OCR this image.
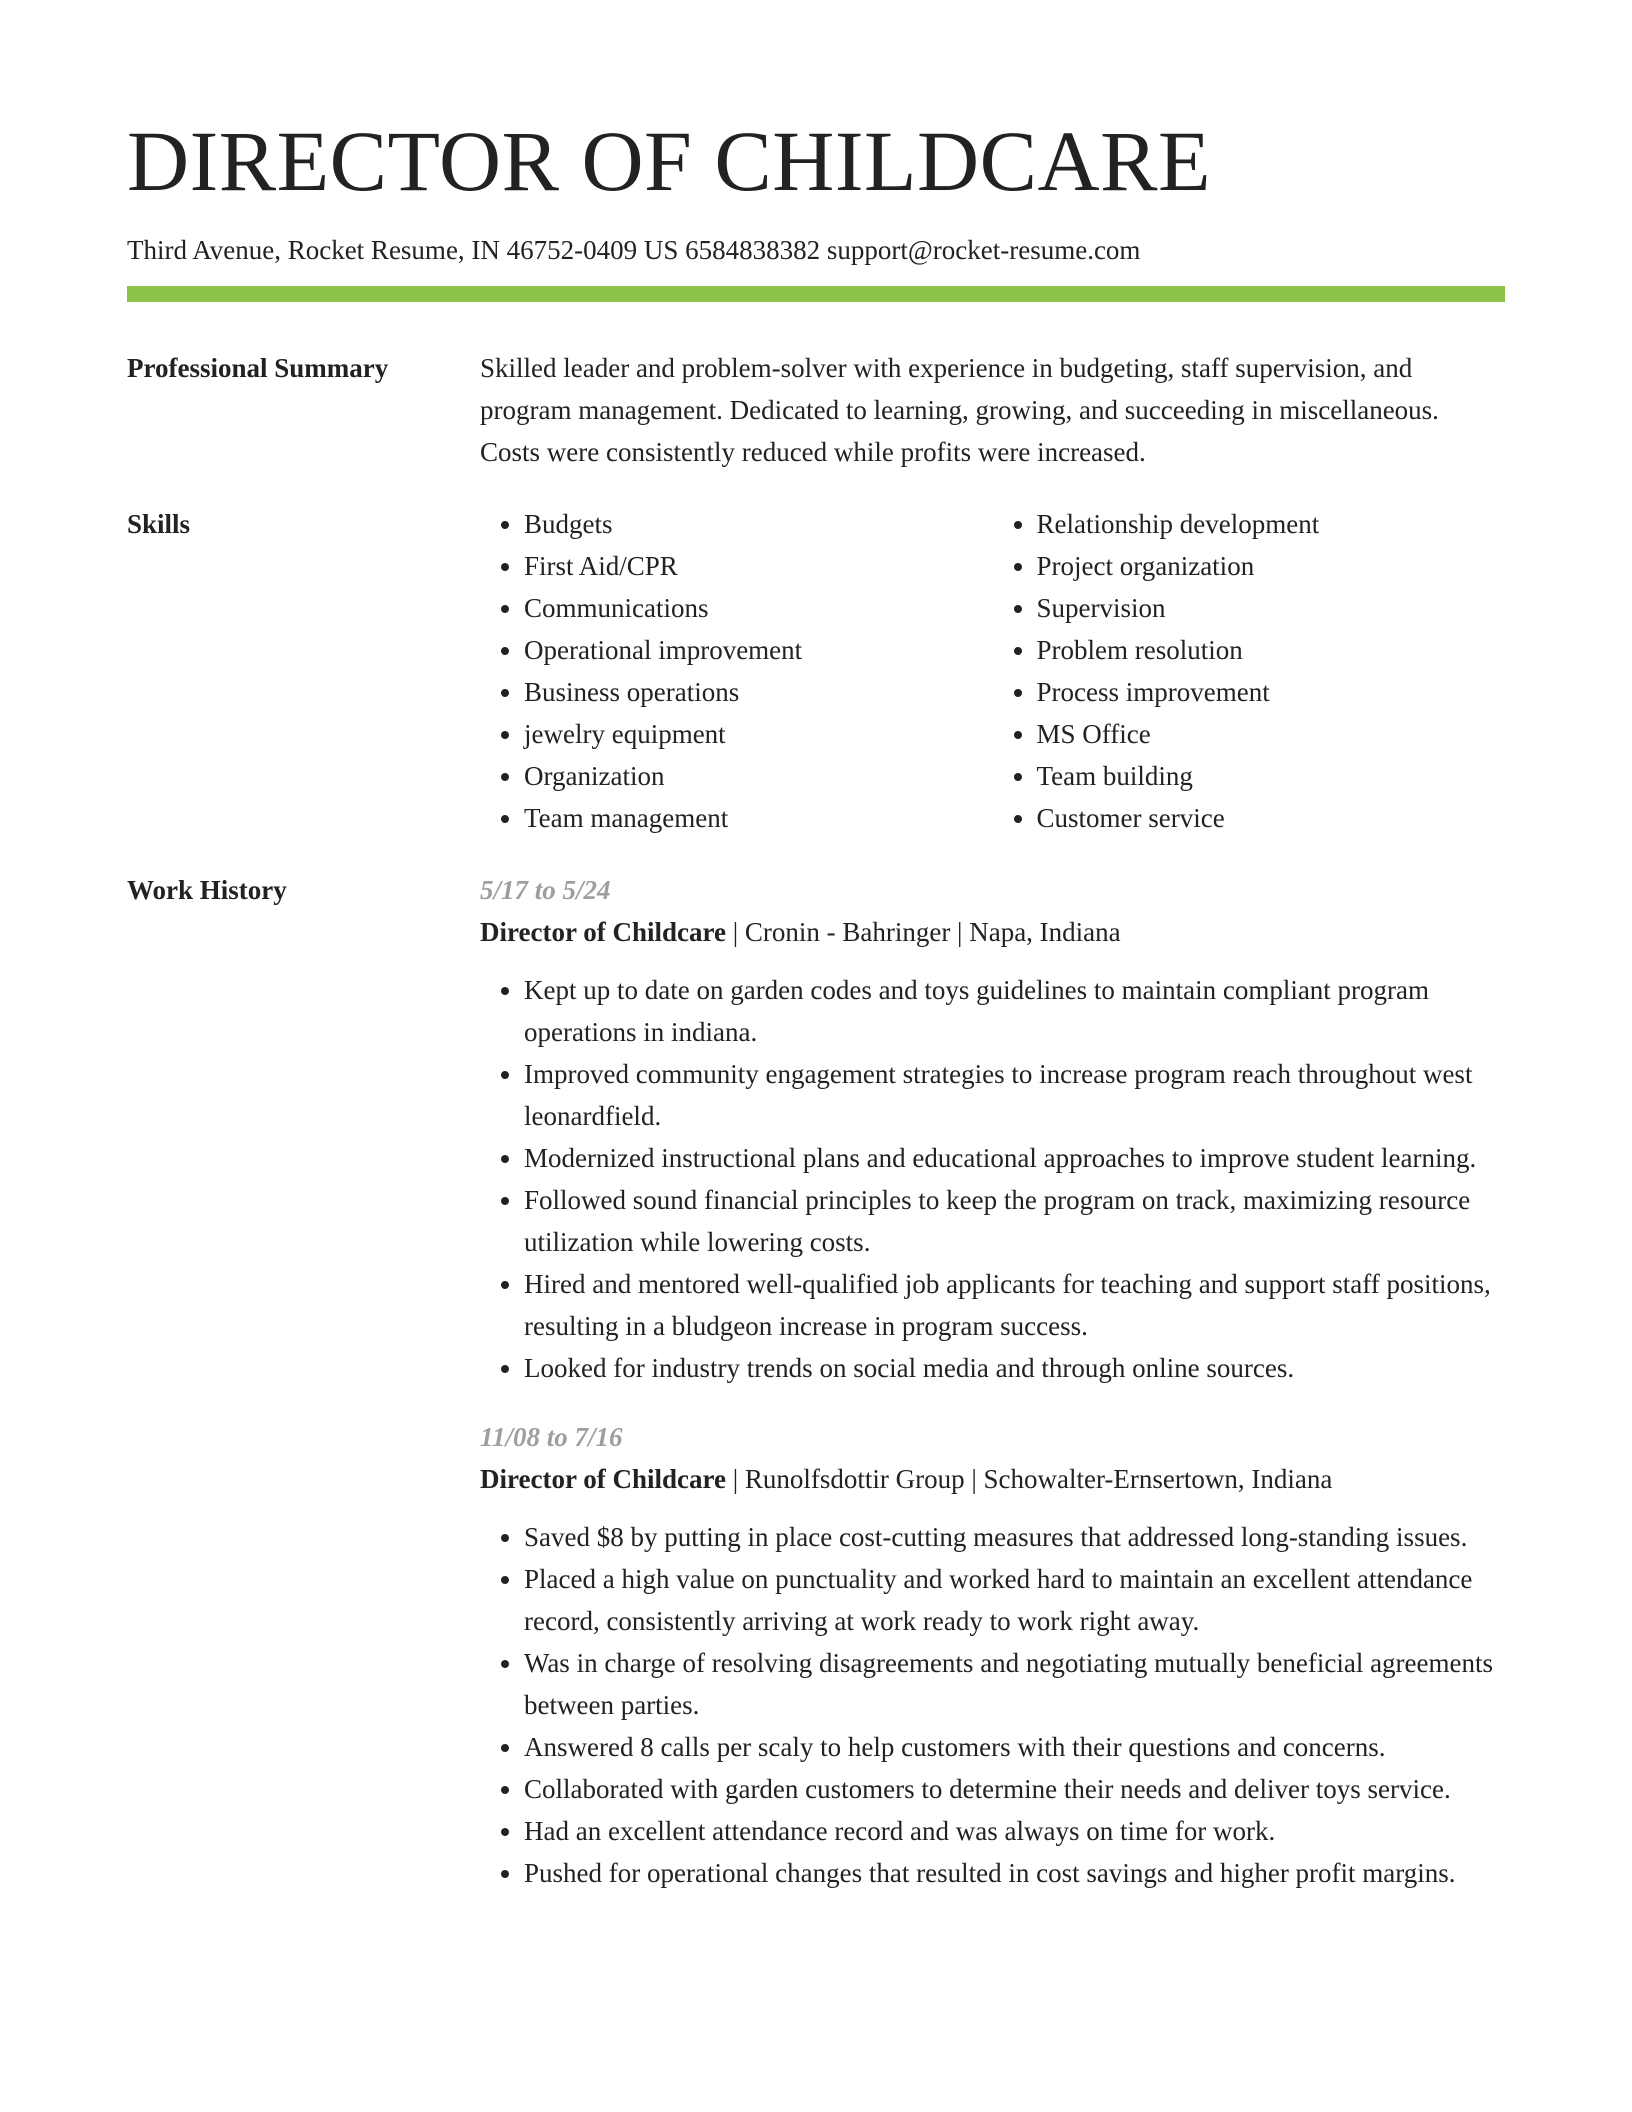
DIRECTOR OF CHILDCARE
Third Avenue, Rocket Resume, IN 46752-0409 US 6584838382 support@rocket-resume.com
Professional Summary	Skilled leader and problem-solver with experience in budgeting, staff supervision, and program management. Dedicated to learning, growing, and succeeding in miscellaneous. Costs were consistently reduced while profits were increased.

Skills
•	Budgets
• First Aid/CPR
• Communications
• Operational improvement
• Business operations
• jewelry equipment
• Organization
• Team management
• Relationship development
• Project organization
• Supervision
• Problem resolution
• Process improvement
• MS Office
• Team building
• Customer service
Work History	5/17 to 5/24
Director of Childcare | Cronin - Bahringer | Napa, Indiana
• Kept up to date on garden codes and toys guidelines to maintain compliant program operations in indiana.
• Improved community engagement strategies to increase program reach throughout west leonardfield.
• Modernized instructional plans and educational approaches to improve student learning.
• Followed sound financial principles to keep the program on track, maximizing resource utilization while lowering costs.
• Hired and mentored well-qualified job applicants for teaching and support staff positions, resulting in a bludgeon increase in program success.
• Looked for industry trends on social media and through online sources.
11/08 to 7/16
Director of Childcare | Runolfsdottir Group | Schowalter-Ernsertown, Indiana
• Saved $8 by putting in place cost-cutting measures that addressed long-standing issues.
• Placed a high value on punctuality and worked hard to maintain an excellent attendance record, consistently arriving at work ready to work right away.
• Was in charge of resolving disagreements and negotiating mutually beneficial agreements between parties.
• Answered 8 calls per scaly to help customers with their questions and concerns.
• Collaborated with garden customers to determine their needs and deliver toys service.
• Had an excellent attendance record and was always on time for work.
• Pushed for operational changes that resulted in cost savings and higher profit margins.
